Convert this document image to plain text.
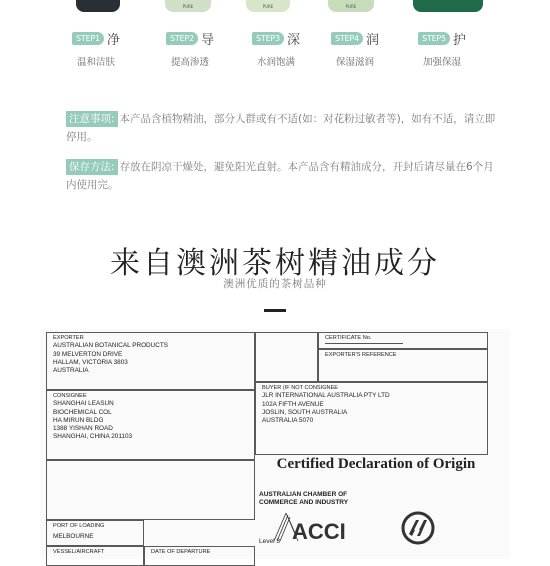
PURE	PURE	PURE
STEP1 净
温和洁肤
STEP2 导
提高渗透
STEP3 深
水润饱满
STEP4 润
保湿滋润
STEP5 护
加强保湿
注意事项: 本产品含植物精油，部分人群或有不适(如：对花粉过敏者等)，如有不适，请立即停用。
保存方法: 存放在阴凉干燥处，避免阳光直射。本产品含有精油成分，开封后请尽量在6个月内使用完。
来自澳洲茶树精油成分
澳洲优质的茶树品种
EXPORTER
AUSTRALIAN BOTANICAL PRODUCTS
39 MELVERTON DRIVE
HALLAM, VICTORIA 3803
AUSTRALIA
CERTIFICATE No.
EXPORTER'S REFERENCE
CONSIGNEE
SHANGHAI LEASUN
BIOCHEMICAL COL
HA MIRUN BLDG
1388 YISHAN ROAD
SHANGHAI, CHINA 201103
BUYER (IF NOT CONSIGNEE
JLR INTERNATIONAL AUSTRALIA PTY LTD
102A FIFTH AVENUE
JOSLIN, SOUTH AUSTRALIA
AUSTRALIA 5070
Certified Declaration of Origin
AUSTRALIAN CHAMBER OF
COMMERCE AND INDUSTRY
ACCI
Level 3
PORT OF LOADING
MELBOURNE
VESSEL/AIRCRAFT	DATE OF DEPARTURE
